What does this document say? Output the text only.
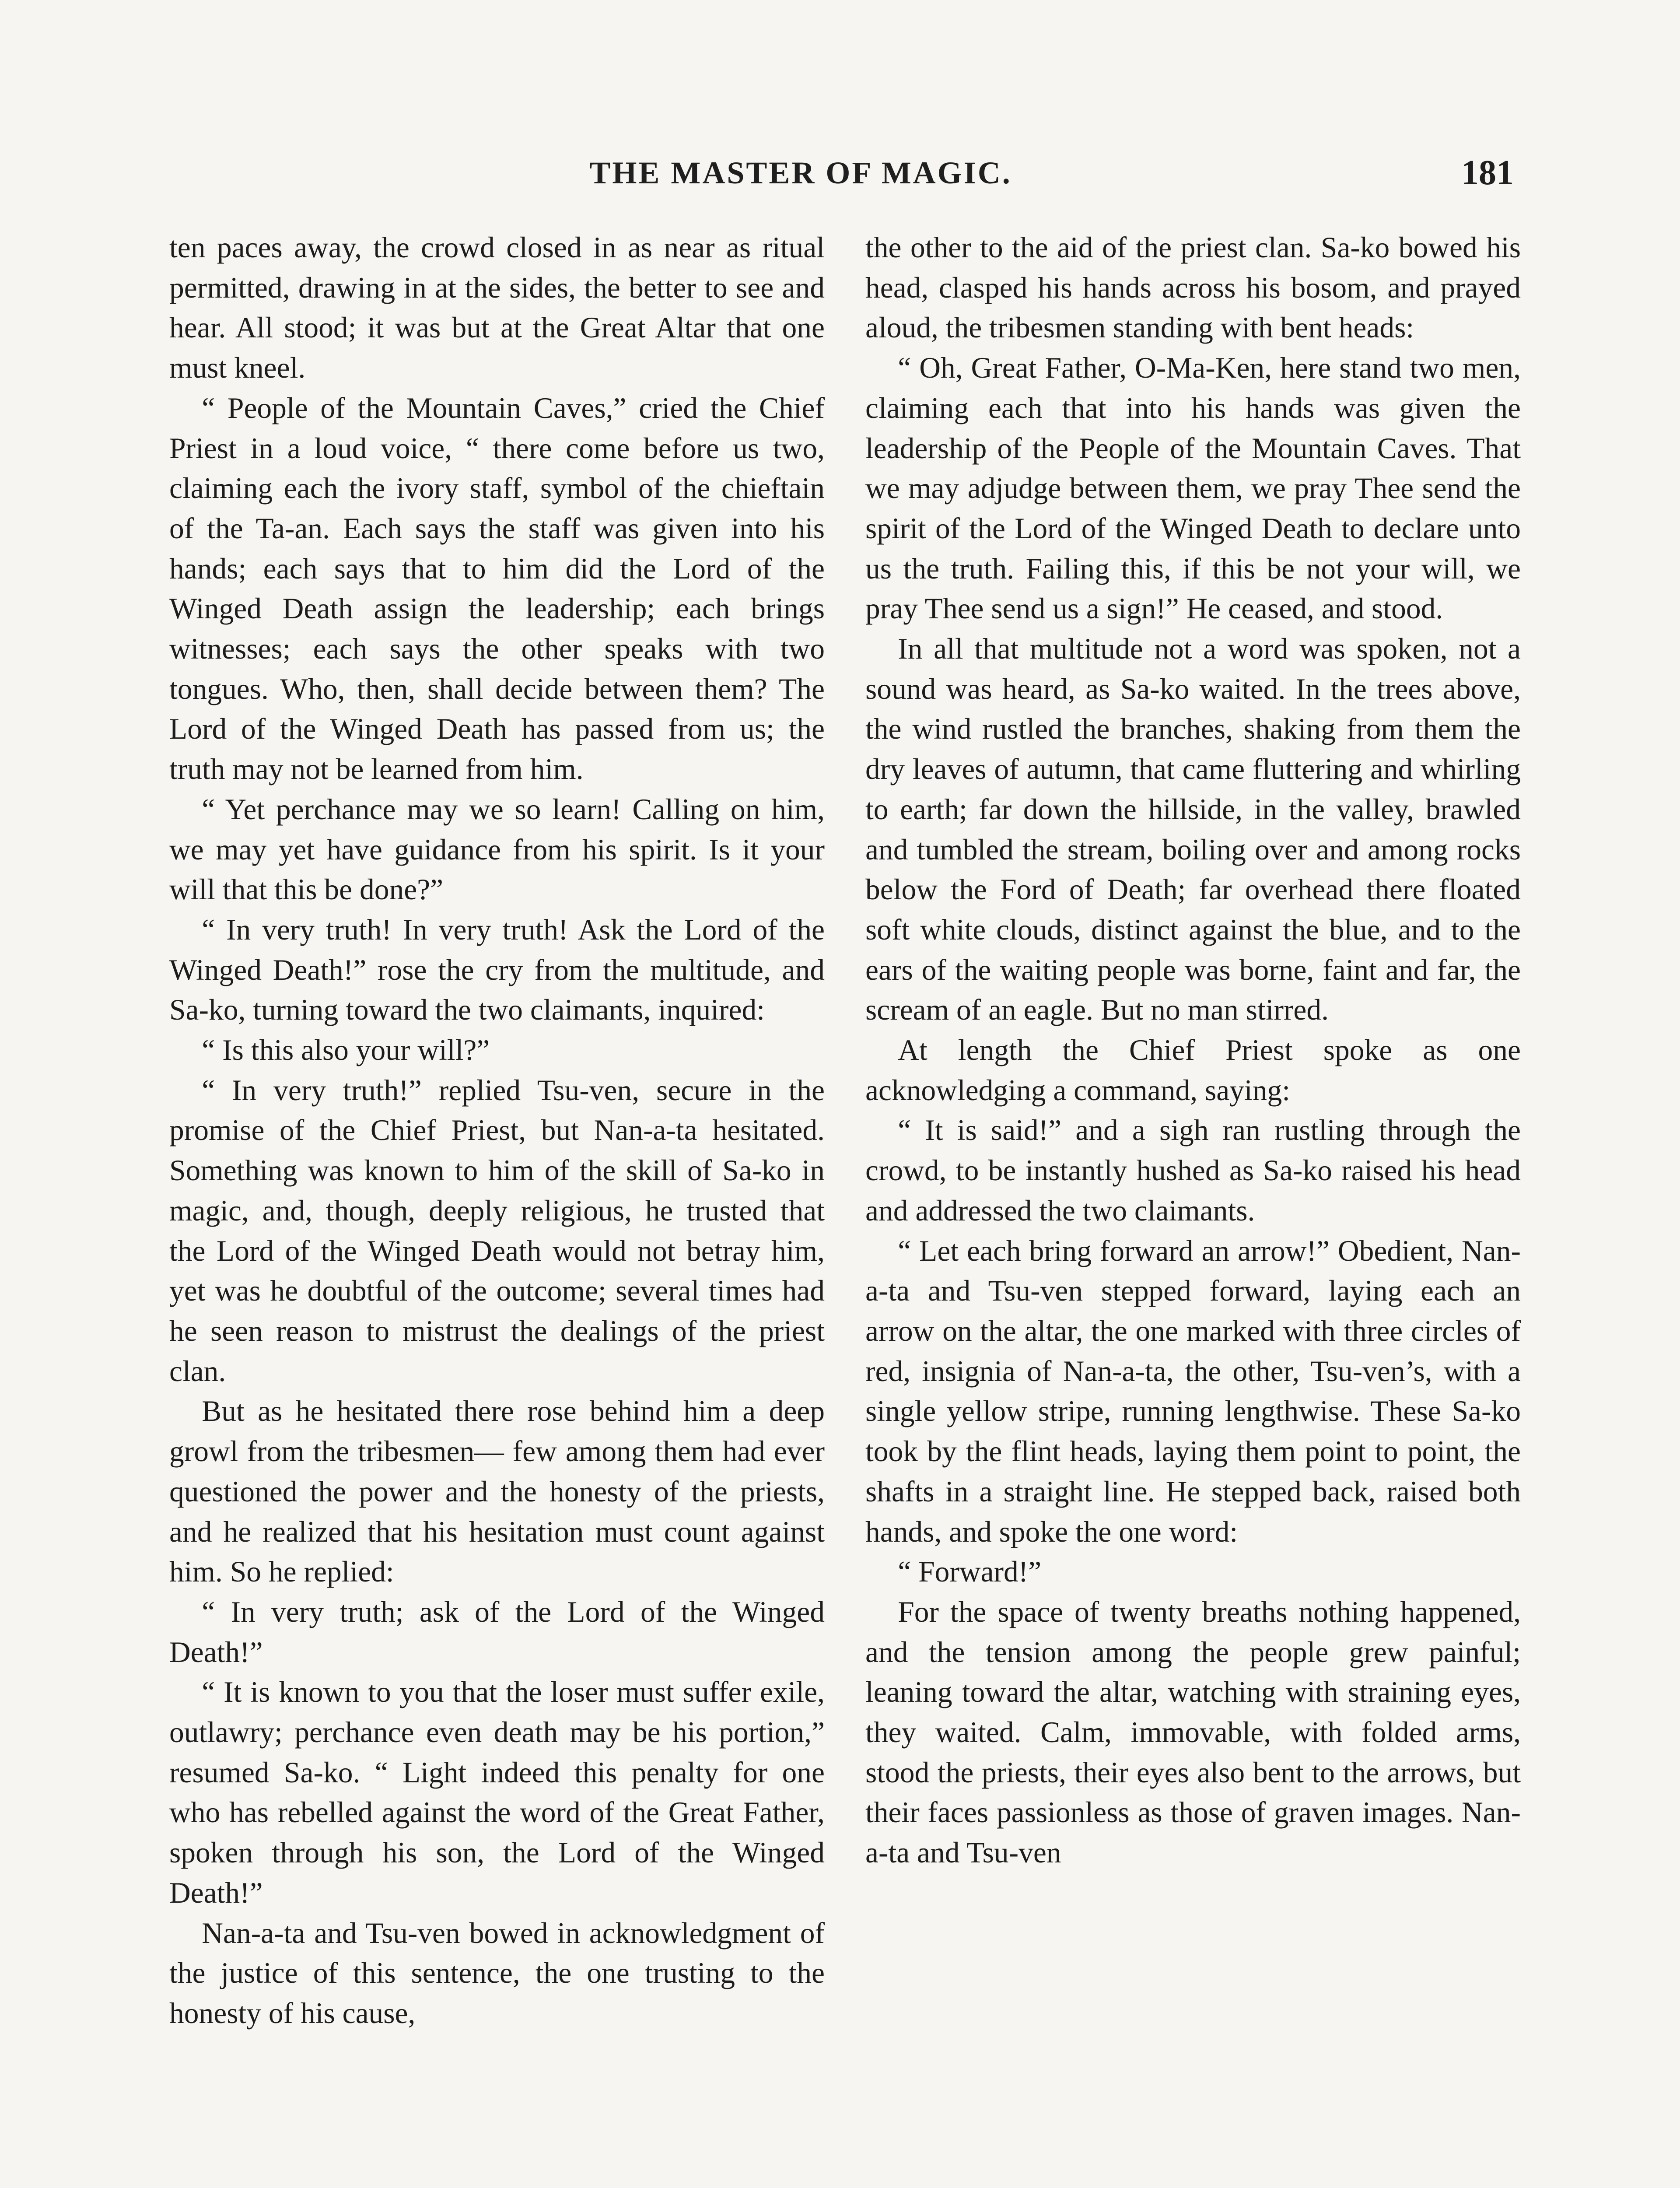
THE MASTER OF MAGIC.	181

ten paces away, the crowd closed in as near as ritual permitted, drawing in at the sides, the better to see and hear. All stood; it was but at the Great Altar that one must kneel.

“ People of the Mountain Caves,” cried the Chief Priest in a loud voice, “ there come before us two, claiming each the ivory staff, symbol of the chieftain of the Ta-an. Each says the staff was given into his hands; each says that to him did the Lord of the Winged Death assign the leadership; each brings witnesses; each says the other speaks with two tongues. Who, then, shall decide between them? The Lord of the Winged Death has passed from us; the truth may not be learned from him.

“ Yet perchance may we so learn! Calling on him, we may yet have guidance from his spirit. Is it your will that this be done?”

“ In very truth! In very truth! Ask the Lord of the Winged Death!” rose the cry from the multitude, and Sa-ko, turning toward the two claimants, inquired:

“ Is this also your will?”

“ In very truth!” replied Tsu-ven, secure in the promise of the Chief Priest, but Nan-a-ta hesitated. Something was known to him of the skill of Sa-ko in magic, and, though, deeply religious, he trusted that the Lord of the Winged Death would not betray him, yet was he doubtful of the outcome; several times had he seen reason to mistrust the dealings of the priest clan.

But as he hesitated there rose behind him a deep growl from the tribesmen— few among them had ever questioned the power and the honesty of the priests, and he realized that his hesitation must count against him. So he replied:

“ In very truth; ask of the Lord of the Winged Death!”

“ It is known to you that the loser must suffer exile, outlawry; perchance even death may be his portion,” resumed Sa-ko. “ Light indeed this penalty for one who has rebelled against the word of the Great Father, spoken through his son, the Lord of the Winged Death!”

Nan-a-ta and Tsu-ven bowed in acknowledgment of the justice of this sentence, the one trusting to the honesty of his cause,

the other to the aid of the priest clan. Sa-ko bowed his head, clasped his hands across his bosom, and prayed aloud, the tribesmen standing with bent heads:

“ Oh, Great Father, O-Ma-Ken, here stand two men, claiming each that into his hands was given the leadership of the People of the Mountain Caves. That we may adjudge between them, we pray Thee send the spirit of the Lord of the Winged Death to declare unto us the truth. Failing this, if this be not your will, we pray Thee send us a sign!” He ceased, and stood.

In all that multitude not a word was spoken, not a sound was heard, as Sa-ko waited. In the trees above, the wind rustled the branches, shaking from them the dry leaves of autumn, that came fluttering and whirling to earth; far down the hillside, in the valley, brawled and tumbled the stream, boiling over and among rocks below the Ford of Death; far overhead there floated soft white clouds, distinct against the blue, and to the ears of the waiting people was borne, faint and far, the scream of an eagle. But no man stirred.

At length the Chief Priest spoke as one acknowledging a command, saying:

“ It is said!” and a sigh ran rustling through the crowd, to be instantly hushed as Sa-ko raised his head and addressed the two claimants.

“ Let each bring forward an arrow!” Obedient, Nan-a-ta and Tsu-ven stepped forward, laying each an arrow on the altar, the one marked with three circles of red, insignia of Nan-a-ta, the other, Tsu-ven’s, with a single yellow stripe, running lengthwise. These Sa-ko took by the flint heads, laying them point to point, the shafts in a straight line. He stepped back, raised both hands, and spoke the one word:

“ Forward!”

For the space of twenty breaths nothing happened, and the tension among the people grew painful; leaning toward the altar, watching with straining eyes, they waited. Calm, immovable, with folded arms, stood the priests, their eyes also bent to the arrows, but their faces passionless as those of graven images. Nan-a-ta and Tsu-ven
